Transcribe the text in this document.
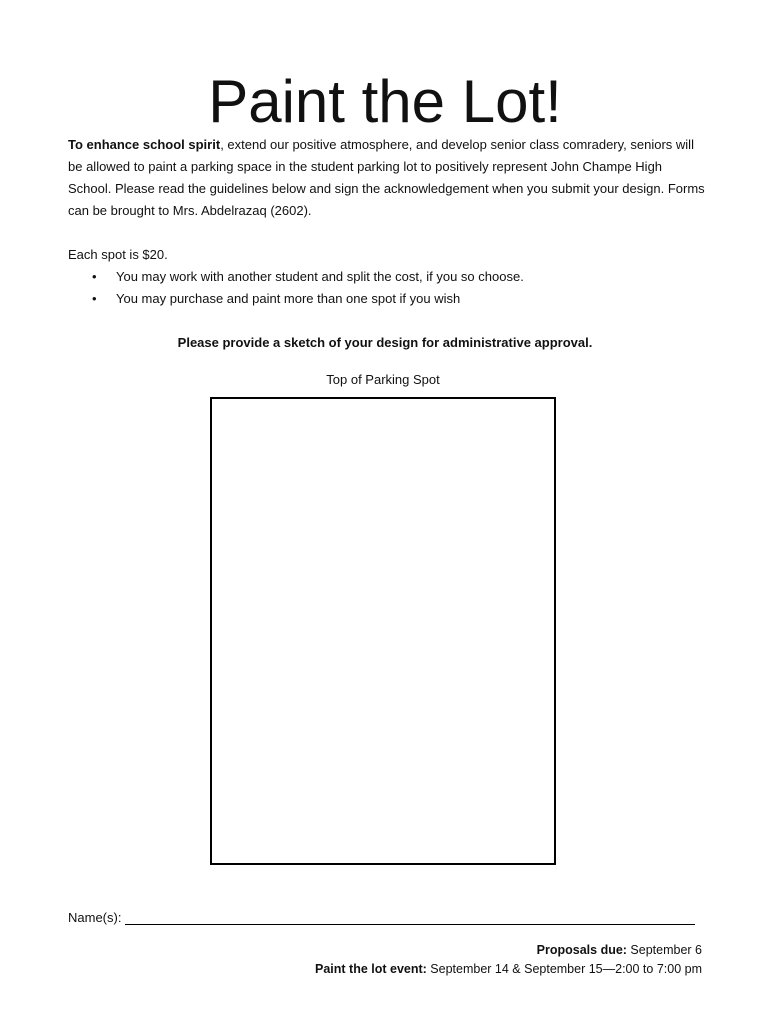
Paint the Lot!
To enhance school spirit, extend our positive atmosphere, and develop senior class comradery, seniors will be allowed to paint a parking space in the student parking lot to positively represent John Champe High School. Please read the guidelines below and sign the acknowledgement when you submit your design. Forms can be brought to Mrs. Abdelrazaq (2602).
Each spot is $20.
• You may work with another student and split the cost, if you so choose.
• You may purchase and paint more than one spot if you wish
Please provide a sketch of your design for administrative approval.
Top of Parking Spot
Name(s):
Proposals due: September 6
Paint the lot event: September 14 & September 15—2:00 to 7:00 pm
